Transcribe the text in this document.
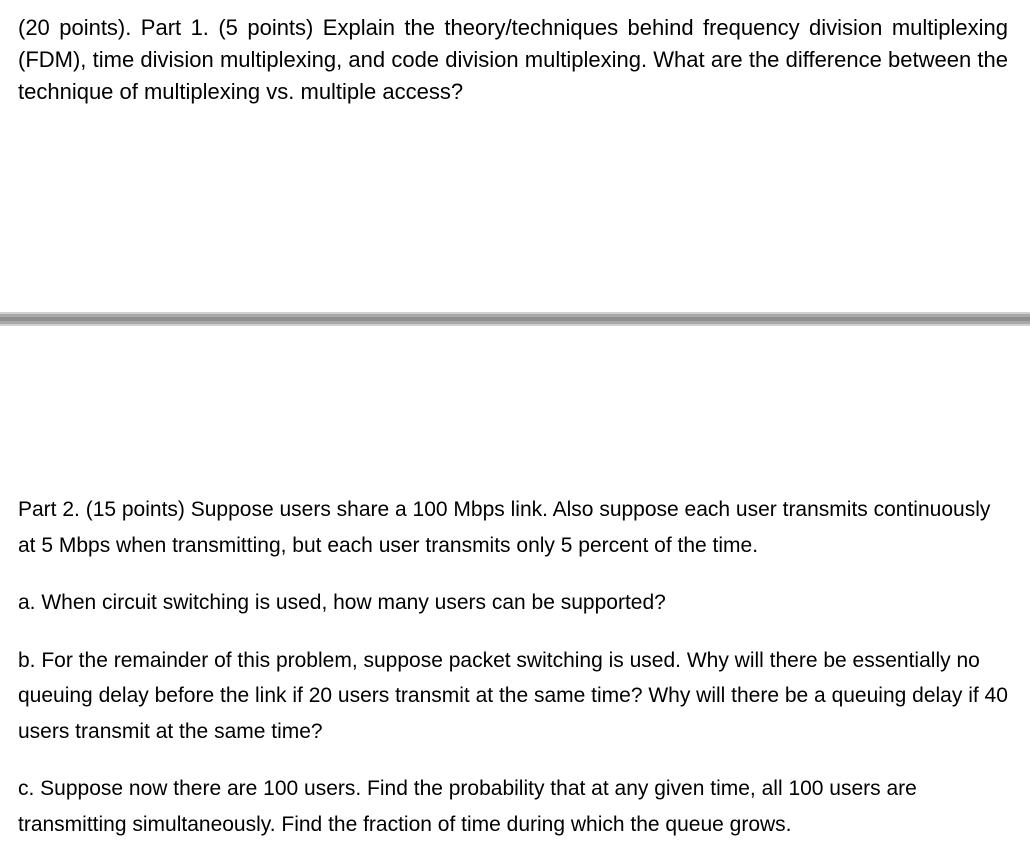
(20 points). Part 1. (5 points) Explain the theory/techniques behind frequency division multiplexing (FDM), time division multiplexing, and code division multiplexing. What are the difference between the technique of multiplexing vs. multiple access?

Part 2. (15 points) Suppose users share a 100 Mbps link. Also suppose each user transmits continuously at 5 Mbps when transmitting, but each user transmits only 5 percent of the time.

a. When circuit switching is used, how many users can be supported?

b. For the remainder of this problem, suppose packet switching is used. Why will there be essentially no queuing delay before the link if 20 users transmit at the same time? Why will there be a queuing delay if 40 users transmit at the same time?

c. Suppose now there are 100 users. Find the probability that at any given time, all 100 users are transmitting simultaneously. Find the fraction of time during which the queue grows.
